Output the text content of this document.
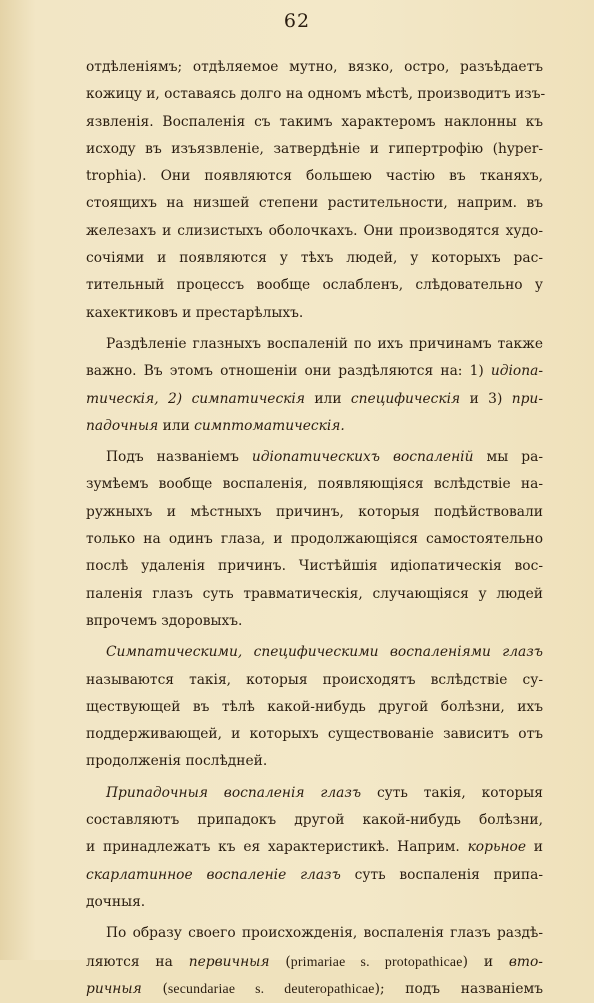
62
отдѣленіямъ; отдѣляемое мутно, вязко, остро, разъѣдаетъ
кожицу и, оставаясь долго на одномъ мѣстѣ, производитъ изъ-
язвленія. Воспаленія съ такимъ характеромъ наклонны къ
исходу въ изъязвленіе, затвердѣніе и гипертрофію (hyper-
trophia). Они появляются большею частію въ тканяхъ,
стоящихъ на низшей степени растительности, наприм. въ
железахъ и слизистыхъ оболочкахъ. Они производятся худо-
сочіями и появляются у тѣхъ людей, у которыхъ рас-
тительный процессъ вообще ослабленъ, слѣдовательно у
кахектиковъ и престарѣлыхъ.
Раздѣленіе глазныхъ воспаленій по ихъ причинамъ также
важно. Въ этомъ отношеніи они раздѣляются на: 1) идіопа-
тическія, 2) симпатическія или специфическія и 3) при-
падочныя или симптоматическія.
Подъ названіемъ идіопатическихъ воспаленій мы ра-
зумѣемъ вообще воспаленія, появляющіяся вслѣдствіе на-
ружныхъ и мѣстныхъ причинъ, которыя подѣйствовали
только на одинъ глаза, и продолжающіяся самостоятельно
послѣ удаленія причинъ. Чистѣйшія идіопатическія вос-
паленія глазъ суть травматическія, случающіяся у людей
впрочемъ здоровыхъ.
Симпатическими, специфическими воспаленіями глазъ
называются такія, которыя происходятъ вслѣдствіе су-
ществующей въ тѣлѣ какой-нибудь другой болѣзни, ихъ
поддерживающей, и которыхъ существованіе зависитъ отъ
продолженія послѣдней.
Припадочныя воспаленія глазъ суть такія, которыя
составляютъ припадокъ другой какой-нибудь болѣзни,
и принадлежатъ къ ея характеристикѣ. Наприм. корьное и
скарлатинное воспаленіе глазъ суть воспаленія припа-
дочныя.
По образу своего происхожденія, воспаленія глазъ раздѣ-
ляются на первичныя (primariae s. protopathicae) и вто-
ричныя (secundariae s. deuteropathicae); подъ названіемъ
